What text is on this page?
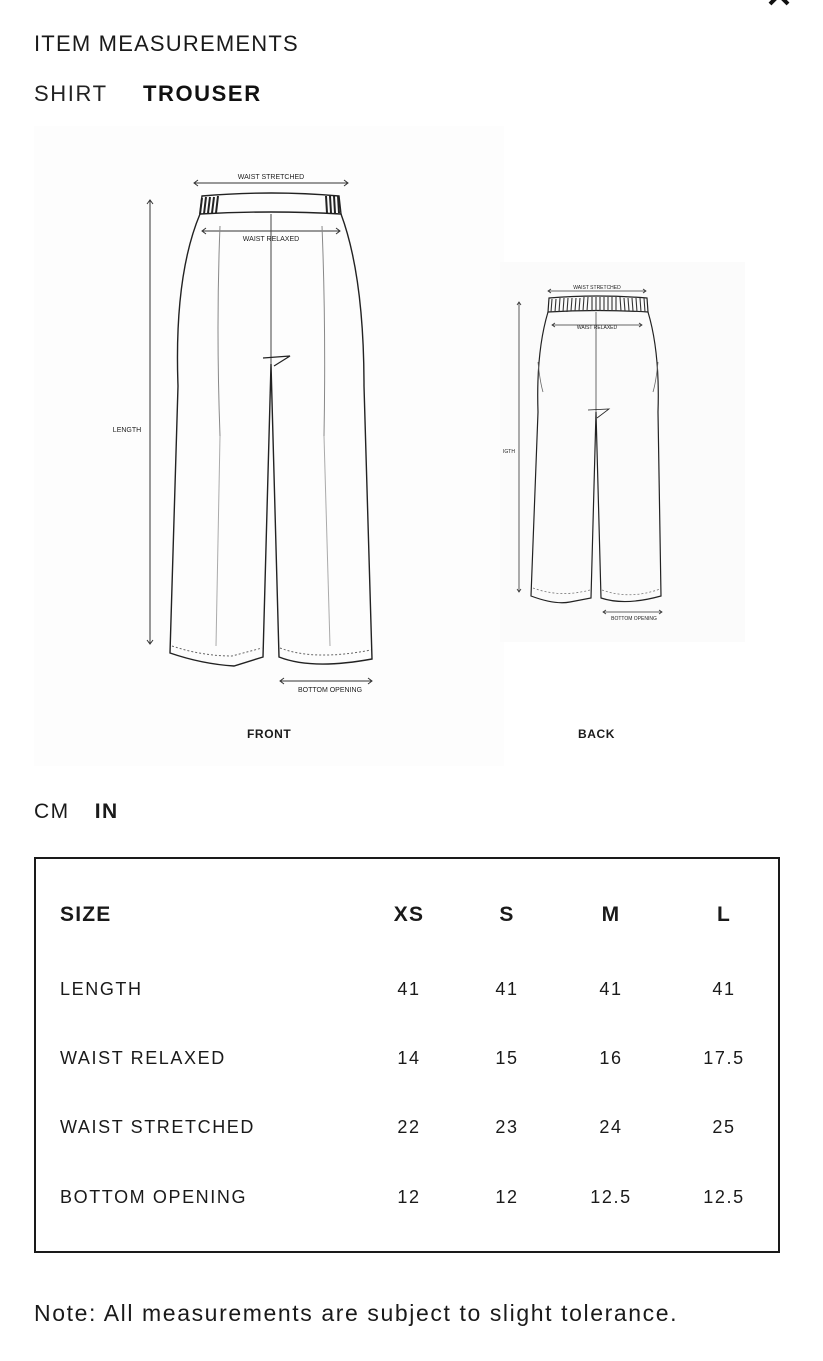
ITEM MEASUREMENTS
SHIRT TROUSER
WAIST STRETCHED
WAIST RELAXED
LENGTH
BOTTOM OPENING
WAIST STRETCHED
WAIST RELAXED
IGTH
BOTTOM OPENING
FRONT	BACK
CM IN
SIZE	XS	S	M	L
LENGTH	41	41	41	41
WAIST RELAXED	14	15	16	17.5
WAIST STRETCHED	22	23	24	25
BOTTOM OPENING	12	12	12.5	12.5
Note: All measurements are subject to slight tolerance.
